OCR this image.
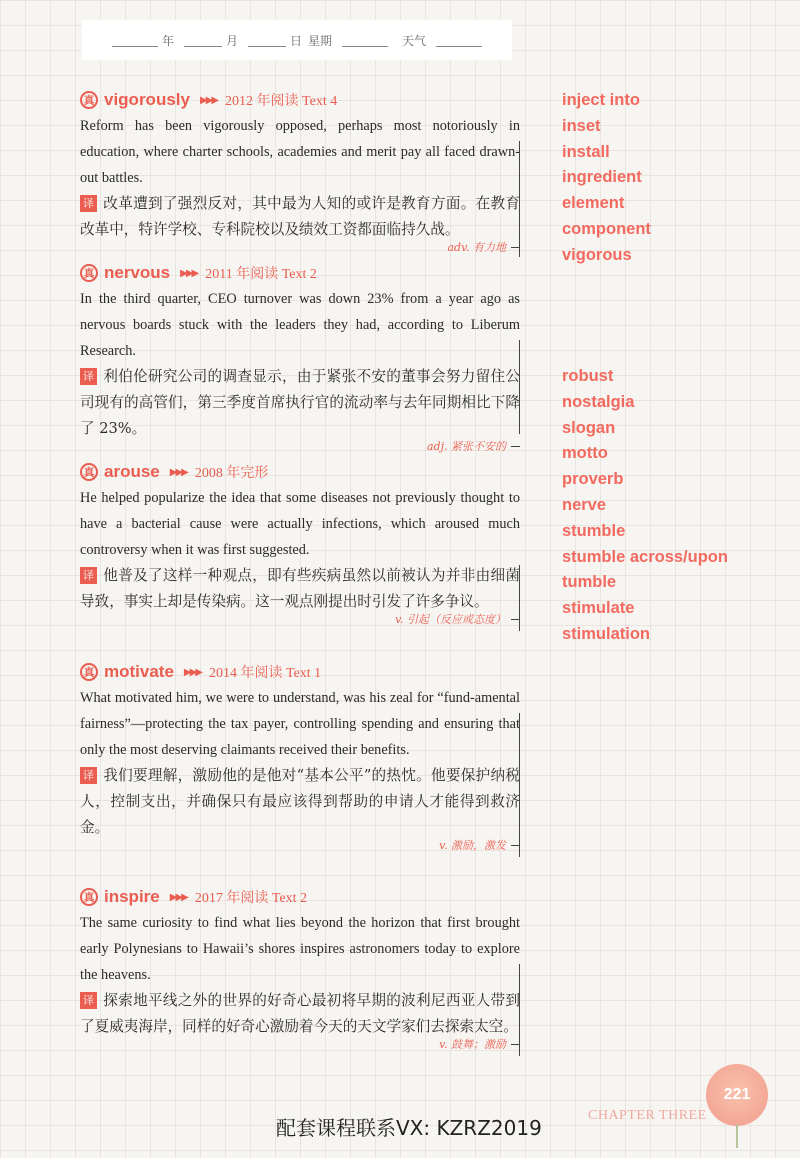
年	月	日 星期	天气
真 vigorously ▶▶▶ 2012 年阅读 Text 4
Reform has been vigorously opposed, perhaps most notoriously in education, where charter schools, academies and merit pay all faced drawn-out battles.
译 改革遭到了强烈反对，其中最为人知的或许是教育方面。在教育改革中，特许学校、专科院校以及绩效工资都面临持久战。
adv. 有力地
真 nervous ▶▶▶ 2011 年阅读 Text 2
In the third quarter, CEO turnover was down 23% from a year ago as nervous boards stuck with the leaders they had, according to Liberum Research.
译 利伯伦研究公司的调查显示，由于紧张不安的董事会努力留住公司现有的高管们，第三季度首席执行官的流动率与去年同期相比下降了 23%。
adj. 紧张不安的
真 arouse ▶▶▶ 2008 年完形
He helped popularize the idea that some diseases not previously thought to have a bacterial cause were actually infections, which aroused much controversy when it was first suggested.
译 他普及了这样一种观点，即有些疾病虽然以前被认为并非由细菌导致，事实上却是传染病。这一观点刚提出时引发了许多争议。
v. 引起（反应或态度）
真 motivate ▶▶▶ 2014 年阅读 Text 1
What motivated him, we were to understand, was his zeal for “fund-amental fairness”—protecting the tax payer, controlling spending and ensuring that only the most deserving claimants received their benefits.
译 我们要理解，激励他的是他对“基本公平”的热忱。他要保护纳税人，控制支出，并确保只有最应该得到帮助的申请人才能得到救济金。
v. 激励，激发
真 inspire ▶▶▶ 2017 年阅读 Text 2
The same curiosity to find what lies beyond the horizon that first brought early Polynesians to Hawaii’s shores inspires astronomers today to explore the heavens.
译 探索地平线之外的世界的好奇心最初将早期的波利尼西亚人带到了夏威夷海岸，同样的好奇心激励着今天的天文学家们去探索太空。
v. 鼓舞；激励
inject into
inset
install
ingredient
element
component
vigorous
robust
nostalgia
slogan
motto
proverb
nerve
stumble
stumble across/upon
tumble
stimulate
stimulation
配套课程联系VX: KZRZ2019
CHAPTER THREE
221
